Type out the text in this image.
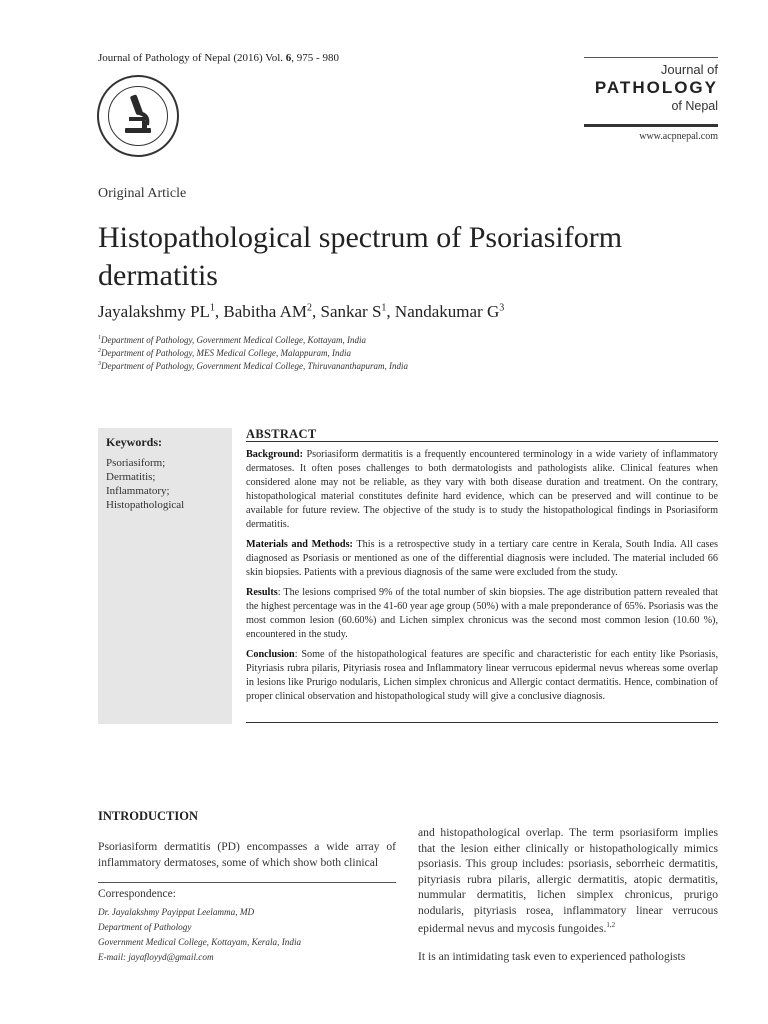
Journal of Pathology of Nepal (2016) Vol. 6, 975 - 980
Journal of
PATHOLOGY
of Nepal
www.acpnepal.com
Original Article
Histopathological spectrum of Psoriasiform dermatitis
Jayalakshmy $PL^1$, Babitha $AM^2$, Sankar $S^1$, Nandakumar $G^3$
$^1$Department of Pathology, Government Medical College, Kottayam, India
$^2$Department of Pathology, MES Medical College, Malappuram, India
$^3$Department of Pathology, Government Medical College, Thiruvananthapuram, India
Keywords:
Psoriasiform;
Dermatitis;
Inflammatory;
Histopathological
ABSTRACT
Background: Psoriasiform dermatitis is a frequently encountered terminology in a wide variety of inflammatory dermatoses. It often poses challenges to both dermatologists and pathologists alike. Clinical features when considered alone may not be reliable, as they vary with both disease duration and treatment. On the contrary, histopathological material constitutes definite hard evidence, which can be preserved and will continue to be available for future review. The objective of the study is to study the histopathological findings in Psoriasiform dermatitis.
Materials and Methods: This is a retrospective study in a tertiary care centre in Kerala, South India. All cases diagnosed as Psoriasis or mentioned as one of the differential diagnosis were included. The material included 66 skin biopsies. Patients with a previous diagnosis of the same were excluded from the study.
Results: The lesions comprised 9% of the total number of skin biopsies. The age distribution pattern revealed that the highest percentage was in the 41-60 year age group (50%) with a male preponderance of 65%. Psoriasis was the most common lesion (60.60%) and Lichen simplex chronicus was the second most common lesion (10.60 %), encountered in the study.
Conclusion: Some of the histopathological features are specific and characteristic for each entity like Psoriasis, Pityriasis rubra pilaris, Pityriasis rosea and Inflammatory linear verrucous epidermal nevus whereas some overlap in lesions like Prurigo nodularis, Lichen simplex chronicus and Allergic contact dermatitis. Hence, combination of proper clinical observation and histopathological study will give a conclusive diagnosis.
INTRODUCTION
Psoriasiform dermatitis (PD) encompasses a wide array of inflammatory dermatoses, some of which show both clinical
Correspondence:
Dr. Jayalakshmy Payippat Leelamma, MD
Department of Pathology
Government Medical College, Kottayam, Kerala, India
E-mail: jayafloyyd@gmail.com
and histopathological overlap. The term psoriasiform implies that the lesion either clinically or histopathologically mimics psoriasis. This group includes: psoriasis, seborrheic dermatitis, pityriasis rubra pilaris, allergic dermatitis, atopic dermatitis, nummular dermatitis, lichen simplex chronicus, prurigo nodularis, pityriasis rosea, inflammatory linear verrucous epidermal nevus and mycosis fungoides.$^{1,2}$
It is an intimidating task even to experienced pathologists
